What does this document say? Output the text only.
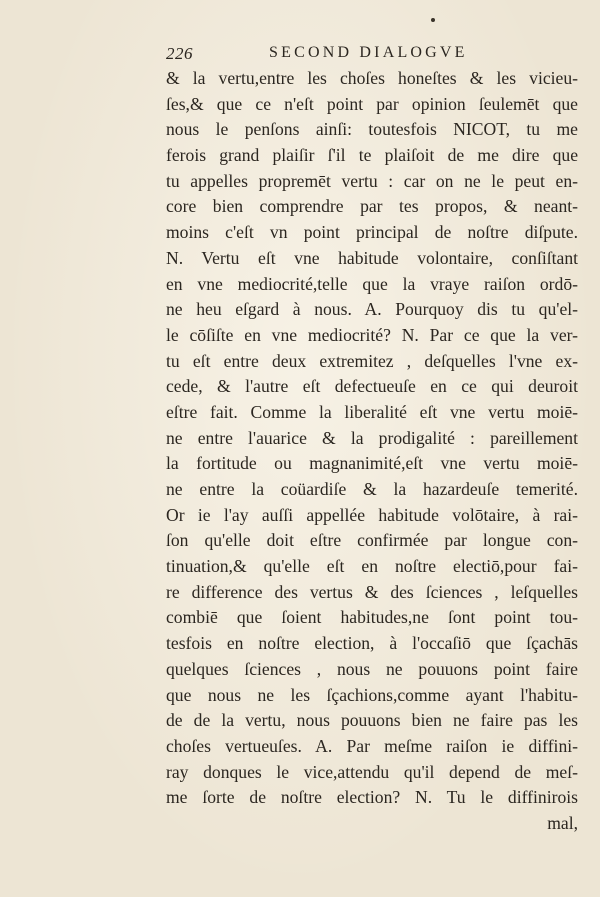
226	SECOND DIALOGVE
& la vertu,entre les choſes honeſtes & les vicieu-
ſes,& que ce n'eſt point par opinion ſeulemēt que
nous le penſons ainſi: toutesfois NICOT, tu me
ferois grand plaiſir ſ'il te plaiſoit de me dire que
tu appelles propremēt vertu : car on ne le peut en-
core bien comprendre par tes propos, & neant-
moins c'eſt vn point principal de noſtre diſpute.
N. Vertu eſt vne habitude volontaire, conſiſtant
en vne mediocrité,telle que la vraye raiſon ordō-
ne heu eſgard à nous. A. Pourquoy dis tu qu'el-
le cōſiſte en vne mediocrité? N. Par ce que la ver-
tu eſt entre deux extremitez , deſquelles l'vne ex-
cede, & l'autre eſt defectueuſe en ce qui deuroit
eſtre fait. Comme la liberalité eſt vne vertu moiē-
ne entre l'auarice & la prodigalité : pareillement
la fortitude ou magnanimité,eſt vne vertu moiē-
ne entre la coüardiſe & la hazardeuſe temerité.
Or ie l'ay auſſi appellée habitude volōtaire, à rai-
ſon qu'elle doit eſtre confirmée par longue con-
tinuation,& qu'elle eſt en noſtre electiō,pour fai-
re difference des vertus & des ſciences , leſquelles
combiē que ſoient habitudes,ne ſont point tou-
tesfois en noſtre election, à l'occaſiō que ſçachās
quelques ſciences , nous ne pouuons point faire
que nous ne les ſçachions,comme ayant l'habitu-
de de la vertu, nous pouuons bien ne faire pas les
choſes vertueuſes. A. Par meſme raiſon ie diffini-
ray donques le vice,attendu qu'il depend de meſ-
me ſorte de noſtre election? N. Tu le diffinirois
mal,
